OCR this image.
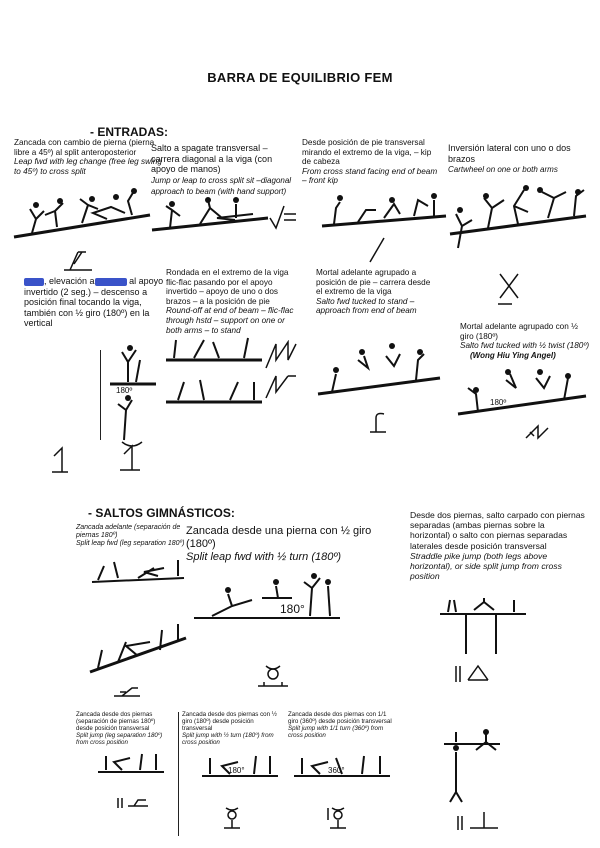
BARRA DE EQUILIBRIO FEM
- ENTRADAS:
Zancada con cambio de pierna (pierna libre a 45º) al split anteroposterior
Leap fwd with leg change (free leg swing to 45º) to cross split
Salto a spagate transversal – carrera diagonal a la viga (con apoyo de manos)
Jump or leap to cross split sit –diagonal approach to beam (with hand support)
Desde posición de pie transversal mirando el extremo de la viga, – kip de cabeza
From cross stand facing end of beam – front kip
Inversión lateral con uno o dos brazos
Cartwheel on one or both arms
, elevación a	al apoyo invertido (2 seg.) – descenso a posición final tocando la viga, también con ½ giro (180º) en la vertical
180º
Rondada en el extremo de la viga flic-flac pasando por el apoyo invertido – apoyo de uno o dos brazos – a la posición de pie
Round-off at end of beam – flic-flac through hstd – support on one or both arms – to stand
Mortal adelante agrupado a posición de pie – carrera desde el extremo de la viga
Salto fwd tucked to stand – approach from end of beam
Mortal adelante agrupado con ½ giro (180º)
Salto fwd tucked with ½ twist (180º)
(Wong Hiu Ying Angel)
180º
- SALTOS GIMNÁSTICOS:
Zancada adelante (separación de piernas 180º)
Split leap fwd (leg separation 180º)
Zancada desde una pierna con ½ giro (180º)
Split leap fwd with ½ turn (180º)
180°
Desde dos piernas, salto carpado con piernas separadas (ambas piernas sobre la horizontal) o salto con piernas separadas laterales desde posición transversal
Straddle pike jump (both legs above horizontal), or side split jump from cross position
Zancada desde dos piernas (separación de piernas 180º) desde posición transversal
Split jump (leg separation 180º) from cross position
Zancada desde dos piernas con ½ giro (180º) desde posición transversal
Split jump with ½ turn (180º) from cross position
180°
Zancada desde dos piernas con 1/1 giro (360º) desde posición transversal
Split jump with 1/1 turn (360º) from cross position
360°
